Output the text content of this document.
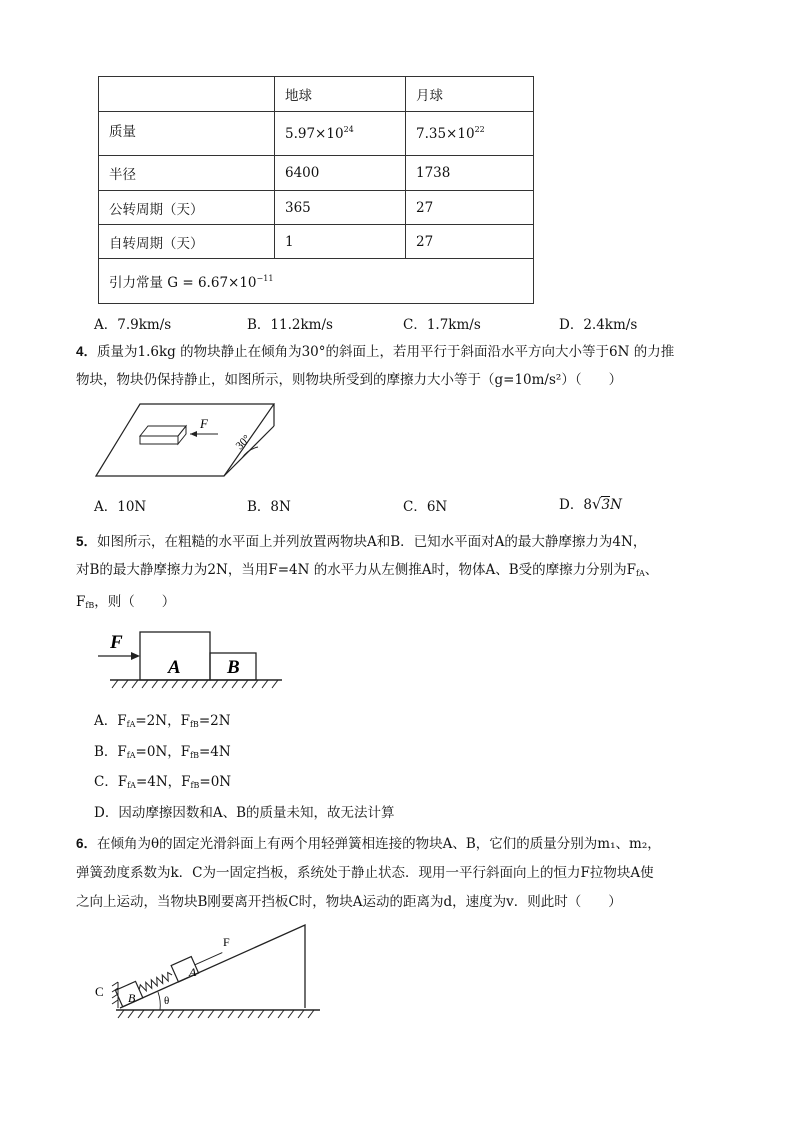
	地球	月球
质量	$5.97\times 10^{24}$	$7.35\times 10^{22}$
半径	6400	1738
公转周期（天）	365	27
自转周期（天）	1	27
引力常量 $G = 6.67\times 10^{-11}$
A．7.9km/s	B．11.2km/s	C．1.7km/s	D．2.4km/s
4．质量为1.6kg 的物块静止在倾角为30°的斜面上，若用平行于斜面沿水平方向大小等于6N 的力推
物块，物块仍保持静止，如图所示，则物块所受到的摩擦力大小等于（g=10m/s²）（　　）
F
30°
A．10N	B．8N	C．6N	D．8√3N
5．如图所示，在粗糙的水平面上并列放置两物块A和B．已知水平面对A的最大静摩擦力为4N，
对B的最大静摩擦力为2N，当用F=4N 的水平力从左侧推A时，物体A、B受的摩擦力分别为$F_{fA}$、
$F_{fB}$，则（　　）
F
A B
A．$F_{fA}=2N$，$F_{fB}=2N$
B．$F_{fA}=0N$，$F_{fB}=4N$
C．$F_{fA}=4N$，$F_{fB}=0N$
D．因动摩擦因数和A、B的质量未知，故无法计算
6．在倾角为θ的固定光滑斜面上有两个用轻弹簧相连接的物块A、B，它们的质量分别为m₁、m₂，
弹簧劲度系数为k．C为一固定挡板，系统处于静止状态．现用一平行斜面向上的恒力F拉物块A使
之向上运动，当物块B刚要离开挡板C时，物块A运动的距离为d，速度为v．则此时（　　）
C B
A
F
θ
